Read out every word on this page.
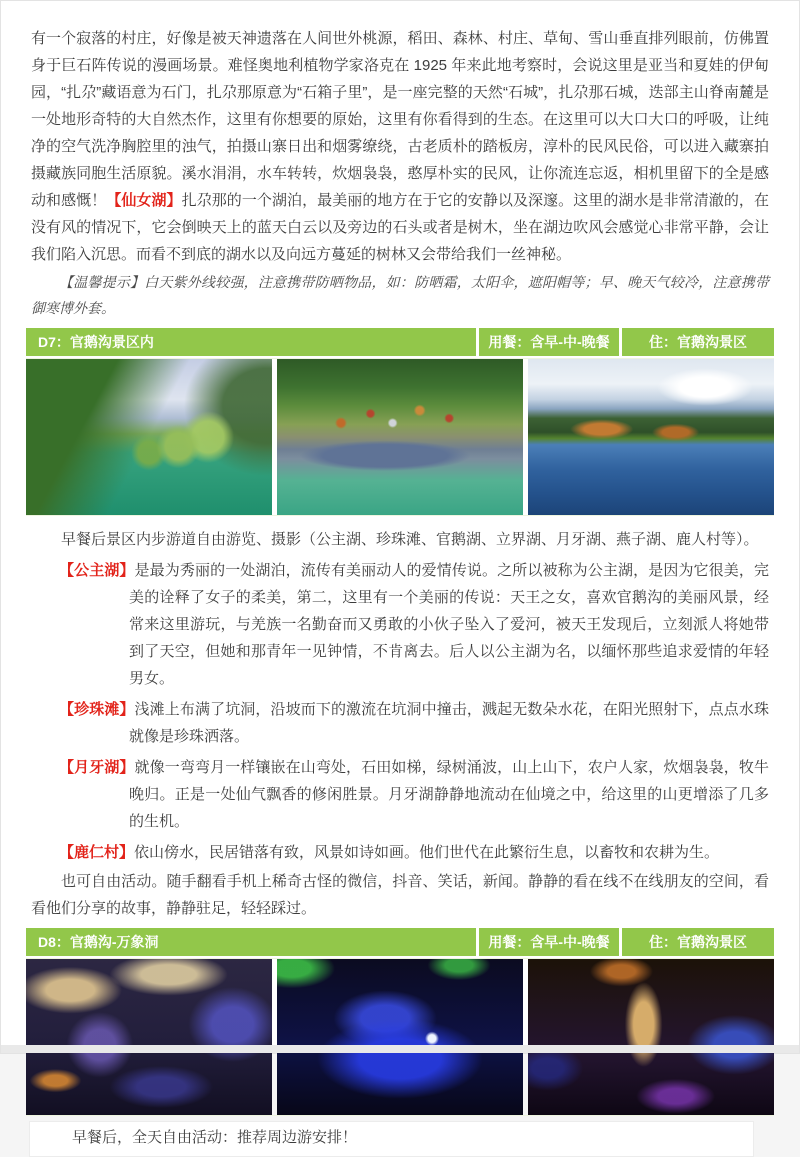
有一个寂落的村庄，好像是被天神遗落在人间世外桃源，稻田、森林、村庄、草甸、雪山垂直排列眼前，仿佛置身于巨石阵传说的漫画场景。难怪奥地利植物学家洛克在 1925 年来此地考察时，会说这里是亚当和夏娃的伊甸园，“扎尕”藏语意为石门，扎尕那原意为“石箱子里”，是一座完整的天然“石城”，扎尕那石城，迭部主山脊南麓是一处地形奇特的大自然杰作，这里有你想要的原始，这里有你看得到的生态。在这里可以大口大口的呼吸，让纯净的空气洗净胸腔里的浊气，拍摄山寨日出和烟雾缭绕，古老质朴的踏板房，淳朴的民风民俗，可以进入藏寨拍摄藏族同胞生活原貌。溪水涓涓，水车转转，炊烟袅袅，憨厚朴实的民风，让你流连忘返，相机里留下的全是感动和感慨！【仙女湖】扎尕那的一个湖泊，最美丽的地方在于它的安静以及深邃。这里的湖水是非常清澈的，在没有风的情况下，它会倒映天上的蓝天白云以及旁边的石头或者是树木，坐在湖边吹风会感觉心非常平静，会让我们陷入沉思。而看不到底的湖水以及向远方蔓延的树林又会带给我们一丝神秘。

【温馨提示】白天紫外线较强，注意携带防晒物品，如：防晒霜，太阳伞，遮阳帽等；早、晚天气较冷，注意携带御寒博外套。

D7：官鹅沟景区内	用餐：含早-中-晚餐	住：官鹅沟景区

早餐后景区内步游道自由游览、摄影（公主湖、珍珠滩、官鹅湖、立界湖、月牙湖、燕子湖、鹿人村等）。

【公主湖】是最为秀丽的一处湖泊，流传有美丽动人的爱情传说。之所以被称为公主湖，是因为它很美，完美的诠释了女子的柔美，第二，这里有一个美丽的传说：天王之女，喜欢官鹅沟的美丽风景，经常来这里游玩，与羌族一名勤奋而又勇敢的小伙子坠入了爱河，被天王发现后，立刻派人将她带到了天空，但她和那青年一见钟情，不肯离去。后人以公主湖为名，以缅怀那些追求爱情的年轻男女。

【珍珠滩】浅滩上布满了坑洞，沿坡而下的激流在坑洞中撞击，溅起无数朵水花，在阳光照射下，点点水珠就像是珍珠洒落。

【月牙湖】就像一弯弯月一样镶嵌在山弯处，石田如梯，绿树涌波，山上山下，农户人家，炊烟袅袅，牧牛晚归。正是一处仙气飘香的修闲胜景。月牙湖静静地流动在仙境之中，给这里的山更增添了几多的生机。

【鹿仁村】依山傍水，民居错落有致，风景如诗如画。他们世代在此繁衍生息，以畜牧和农耕为生。

也可自由活动。随手翻看手机上稀奇古怪的微信，抖音、笑话，新闻。静静的看在线不在线朋友的空间，看看他们分享的故事，静静驻足，轻轻踩过。

D8：官鹅沟-万象洞	用餐：含早-中-晚餐	住：官鹅沟景区
早餐后，全天自由活动：推荐周边游安排！
